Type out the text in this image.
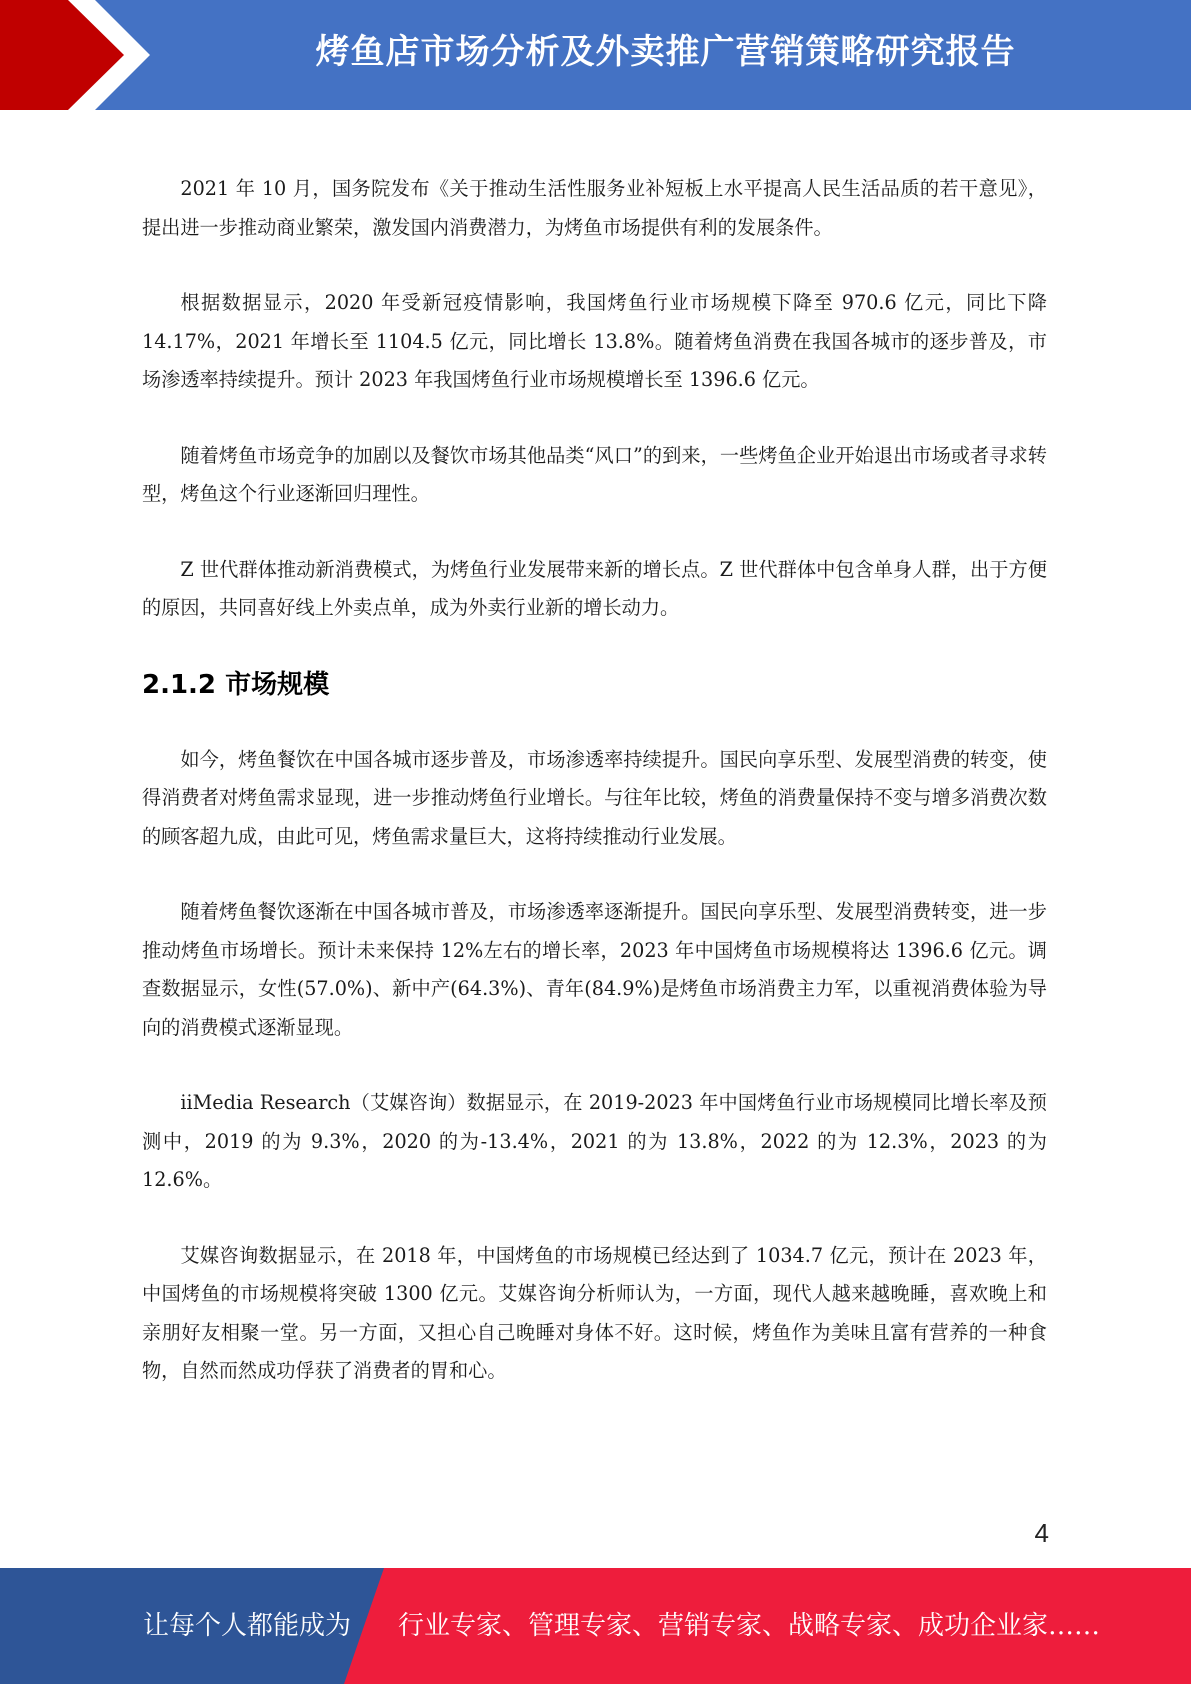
烤鱼店市场分析及外卖推广营销策略研究报告

2021 年 10 月，国务院发布《关于推动生活性服务业补短板上水平提高人民生活品质的若干意见》，提出进一步推动商业繁荣，激发国内消费潜力，为烤鱼市场提供有利的发展条件。

根据数据显示，2020 年受新冠疫情影响，我国烤鱼行业市场规模下降至 970.6 亿元，同比下降 14.17%，2021 年增长至 1104.5 亿元，同比增长 13.8%。随着烤鱼消费在我国各城市的逐步普及，市场渗透率持续提升。预计 2023 年我国烤鱼行业市场规模增长至 1396.6 亿元。

随着烤鱼市场竞争的加剧以及餐饮市场其他品类“风口”的到来，一些烤鱼企业开始退出市场或者寻求转型，烤鱼这个行业逐渐回归理性。

Z 世代群体推动新消费模式，为烤鱼行业发展带来新的增长点。Z 世代群体中包含单身人群，出于方便的原因，共同喜好线上外卖点单，成为外卖行业新的增长动力。

2.1.2 市场规模

如今，烤鱼餐饮在中国各城市逐步普及，市场渗透率持续提升。国民向享乐型、发展型消费的转变，使得消费者对烤鱼需求显现，进一步推动烤鱼行业增长。与往年比较，烤鱼的消费量保持不变与增多消费次数的顾客超九成，由此可见，烤鱼需求量巨大，这将持续推动行业发展。

随着烤鱼餐饮逐渐在中国各城市普及，市场渗透率逐渐提升。国民向享乐型、发展型消费转变，进一步推动烤鱼市场增长。预计未来保持 12%左右的增长率，2023 年中国烤鱼市场规模将达 1396.6 亿元。调查数据显示，女性(57.0%)、新中产(64.3%)、青年(84.9%)是烤鱼市场消费主力军，以重视消费体验为导向的消费模式逐渐显现。

iiMedia Research（艾媒咨询）数据显示，在 2019-2023 年中国烤鱼行业市场规模同比增长率及预测中，2019 的为 9.3%，2020 的为-13.4%，2021 的为 13.8%，2022 的为 12.3%，2023 的为 12.6%。

艾媒咨询数据显示，在 2018 年，中国烤鱼的市场规模已经达到了 1034.7 亿元，预计在 2023 年，中国烤鱼的市场规模将突破 1300 亿元。艾媒咨询分析师认为，一方面，现代人越来越晚睡，喜欢晚上和亲朋好友相聚一堂。另一方面，又担心自己晚睡对身体不好。这时候，烤鱼作为美味且富有营养的一种食物，自然而然成功俘获了消费者的胃和心。

4
让每个人都能成为 行业专家、管理专家、营销专家、战略专家、成功企业家……
